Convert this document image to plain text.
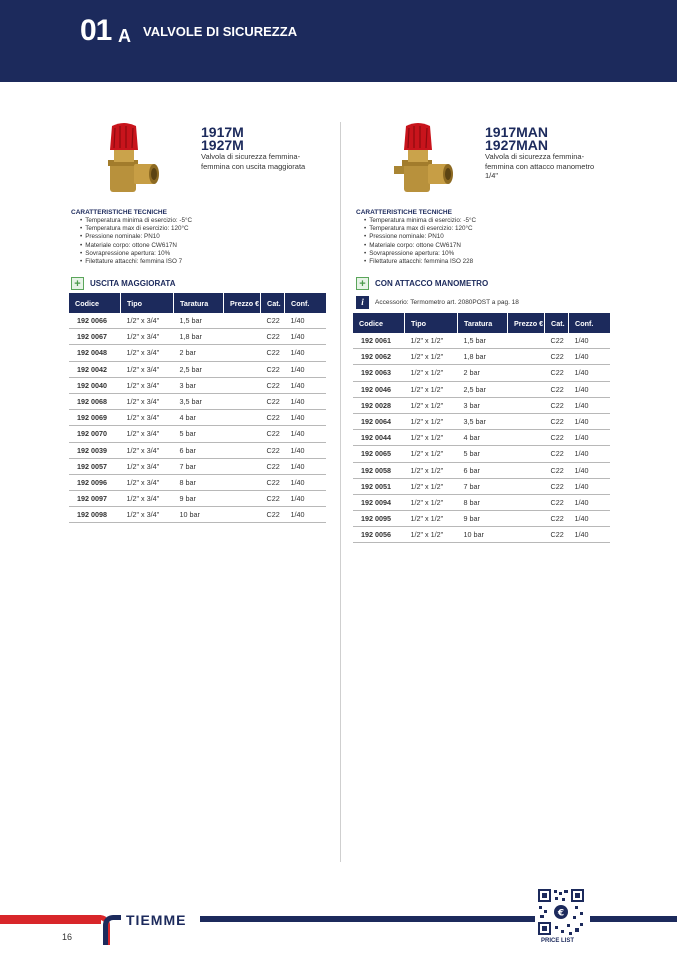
01 A VALVOLE DI SICUREZZA
1917M
1927M
Valvola di sicurezza femmina-femmina con uscita maggiorata
CARATTERISTICHE TECNICHE
• Temperatura minima di esercizio: -5°C
• Temperatura max di esercizio: 120°C
• Pressione nominale: PN10
• Materiale corpo: ottone CW617N
• Sovrapressione apertura: 10%
• Filettature attacchi: femmina ISO 7
+	USCITA MAGGIORATA
Codice	Tipo	Taratura	Prezzo €	Cat.	Conf.
192 0066	1/2" x 3/4"	1,5 bar		C22	1/40
192 0067	1/2" x 3/4"	1,8 bar		C22	1/40
192 0048	1/2" x 3/4"	2 bar		C22	1/40
192 0042	1/2" x 3/4"	2,5 bar		C22	1/40
192 0040	1/2" x 3/4"	3 bar		C22	1/40
192 0068	1/2" x 3/4"	3,5 bar		C22	1/40
192 0069	1/2" x 3/4"	4 bar		C22	1/40
192 0070	1/2" x 3/4"	5 bar		C22	1/40
192 0039	1/2" x 3/4"	6 bar		C22	1/40
192 0057	1/2" x 3/4"	7 bar		C22	1/40
192 0096	1/2" x 3/4"	8 bar		C22	1/40
192 0097	1/2" x 3/4"	9 bar		C22	1/40
192 0098	1/2" x 3/4"	10 bar		C22	1/40
1917MAN
1927MAN
Valvola di sicurezza femmina-femmina con attacco manometro 1/4"
CARATTERISTICHE TECNICHE
• Temperatura minima di esercizio: -5°C
• Temperatura max di esercizio: 120°C
• Pressione nominale: PN10
• Materiale corpo: ottone CW617N
• Sovrapressione apertura: 10%
• Filettature attacchi: femmina ISO 228
+	CON ATTACCO MANOMETRO
i	Accessorio: Termometro art. 2080POST a pag. 18
Codice	Tipo	Taratura	Prezzo €	Cat.	Conf.
192 0061	1/2" x 1/2"	1,5 bar		C22	1/40
192 0062	1/2" x 1/2"	1,8 bar		C22	1/40
192 0063	1/2" x 1/2"	2 bar		C22	1/40
192 0046	1/2" x 1/2"	2,5 bar		C22	1/40
192 0028	1/2" x 1/2"	3 bar		C22	1/40
192 0064	1/2" x 1/2"	3,5 bar		C22	1/40
192 0044	1/2" x 1/2"	4 bar		C22	1/40
192 0065	1/2" x 1/2"	5 bar		C22	1/40
192 0058	1/2" x 1/2"	6 bar		C22	1/40
192 0051	1/2" x 1/2"	7 bar		C22	1/40
192 0094	1/2" x 1/2"	8 bar		C22	1/40
192 0095	1/2" x 1/2"	9 bar		C22	1/40
192 0056	1/2" x 1/2"	10 bar		C22	1/40
TIEMME
16
€
PRICE LIST
